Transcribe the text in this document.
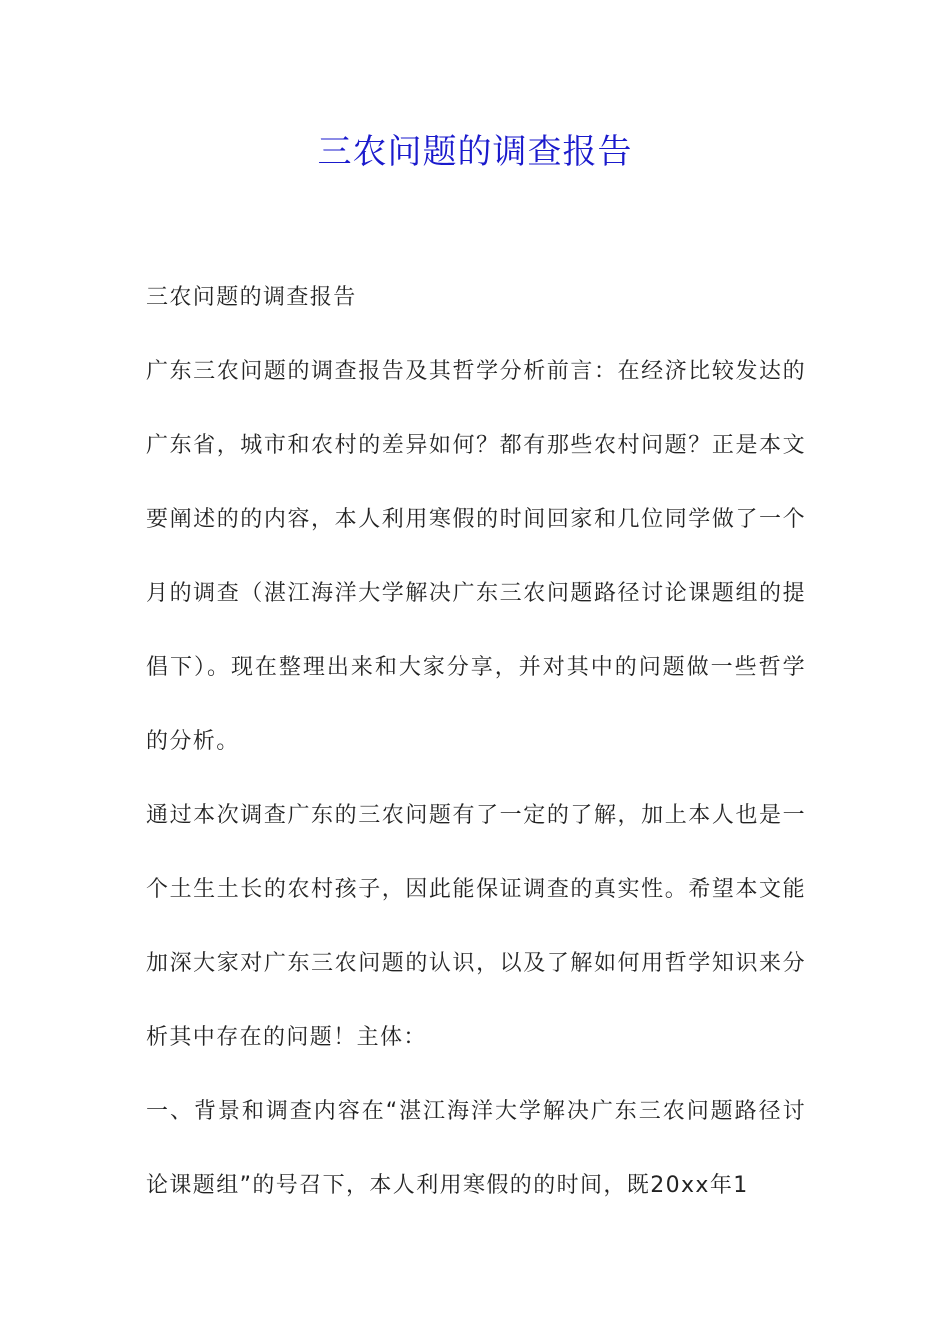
三农问题的调查报告

三农问题的调查报告

广东三农问题的调查报告及其哲学分析前言：在经济比较发达的广东省，城市和农村的差异如何？都有那些农村问题？正是本文要阐述的的内容，本人利用寒假的时间回家和几位同学做了一个月的调查（湛江海洋大学解决广东三农问题路径讨论课题组的提倡下）。现在整理出来和大家分享，并对其中的问题做一些哲学的分析。

通过本次调查广东的三农问题有了一定的了解，加上本人也是一个土生土长的农村孩子，因此能保证调查的真实性。希望本文能加深大家对广东三农问题的认识，以及了解如何用哲学知识来分析其中存在的问题！主体：

一、背景和调查内容在“湛江海洋大学解决广东三农问题路径讨论课题组”的号召下，本人利用寒假的的时间，既20xx年1
